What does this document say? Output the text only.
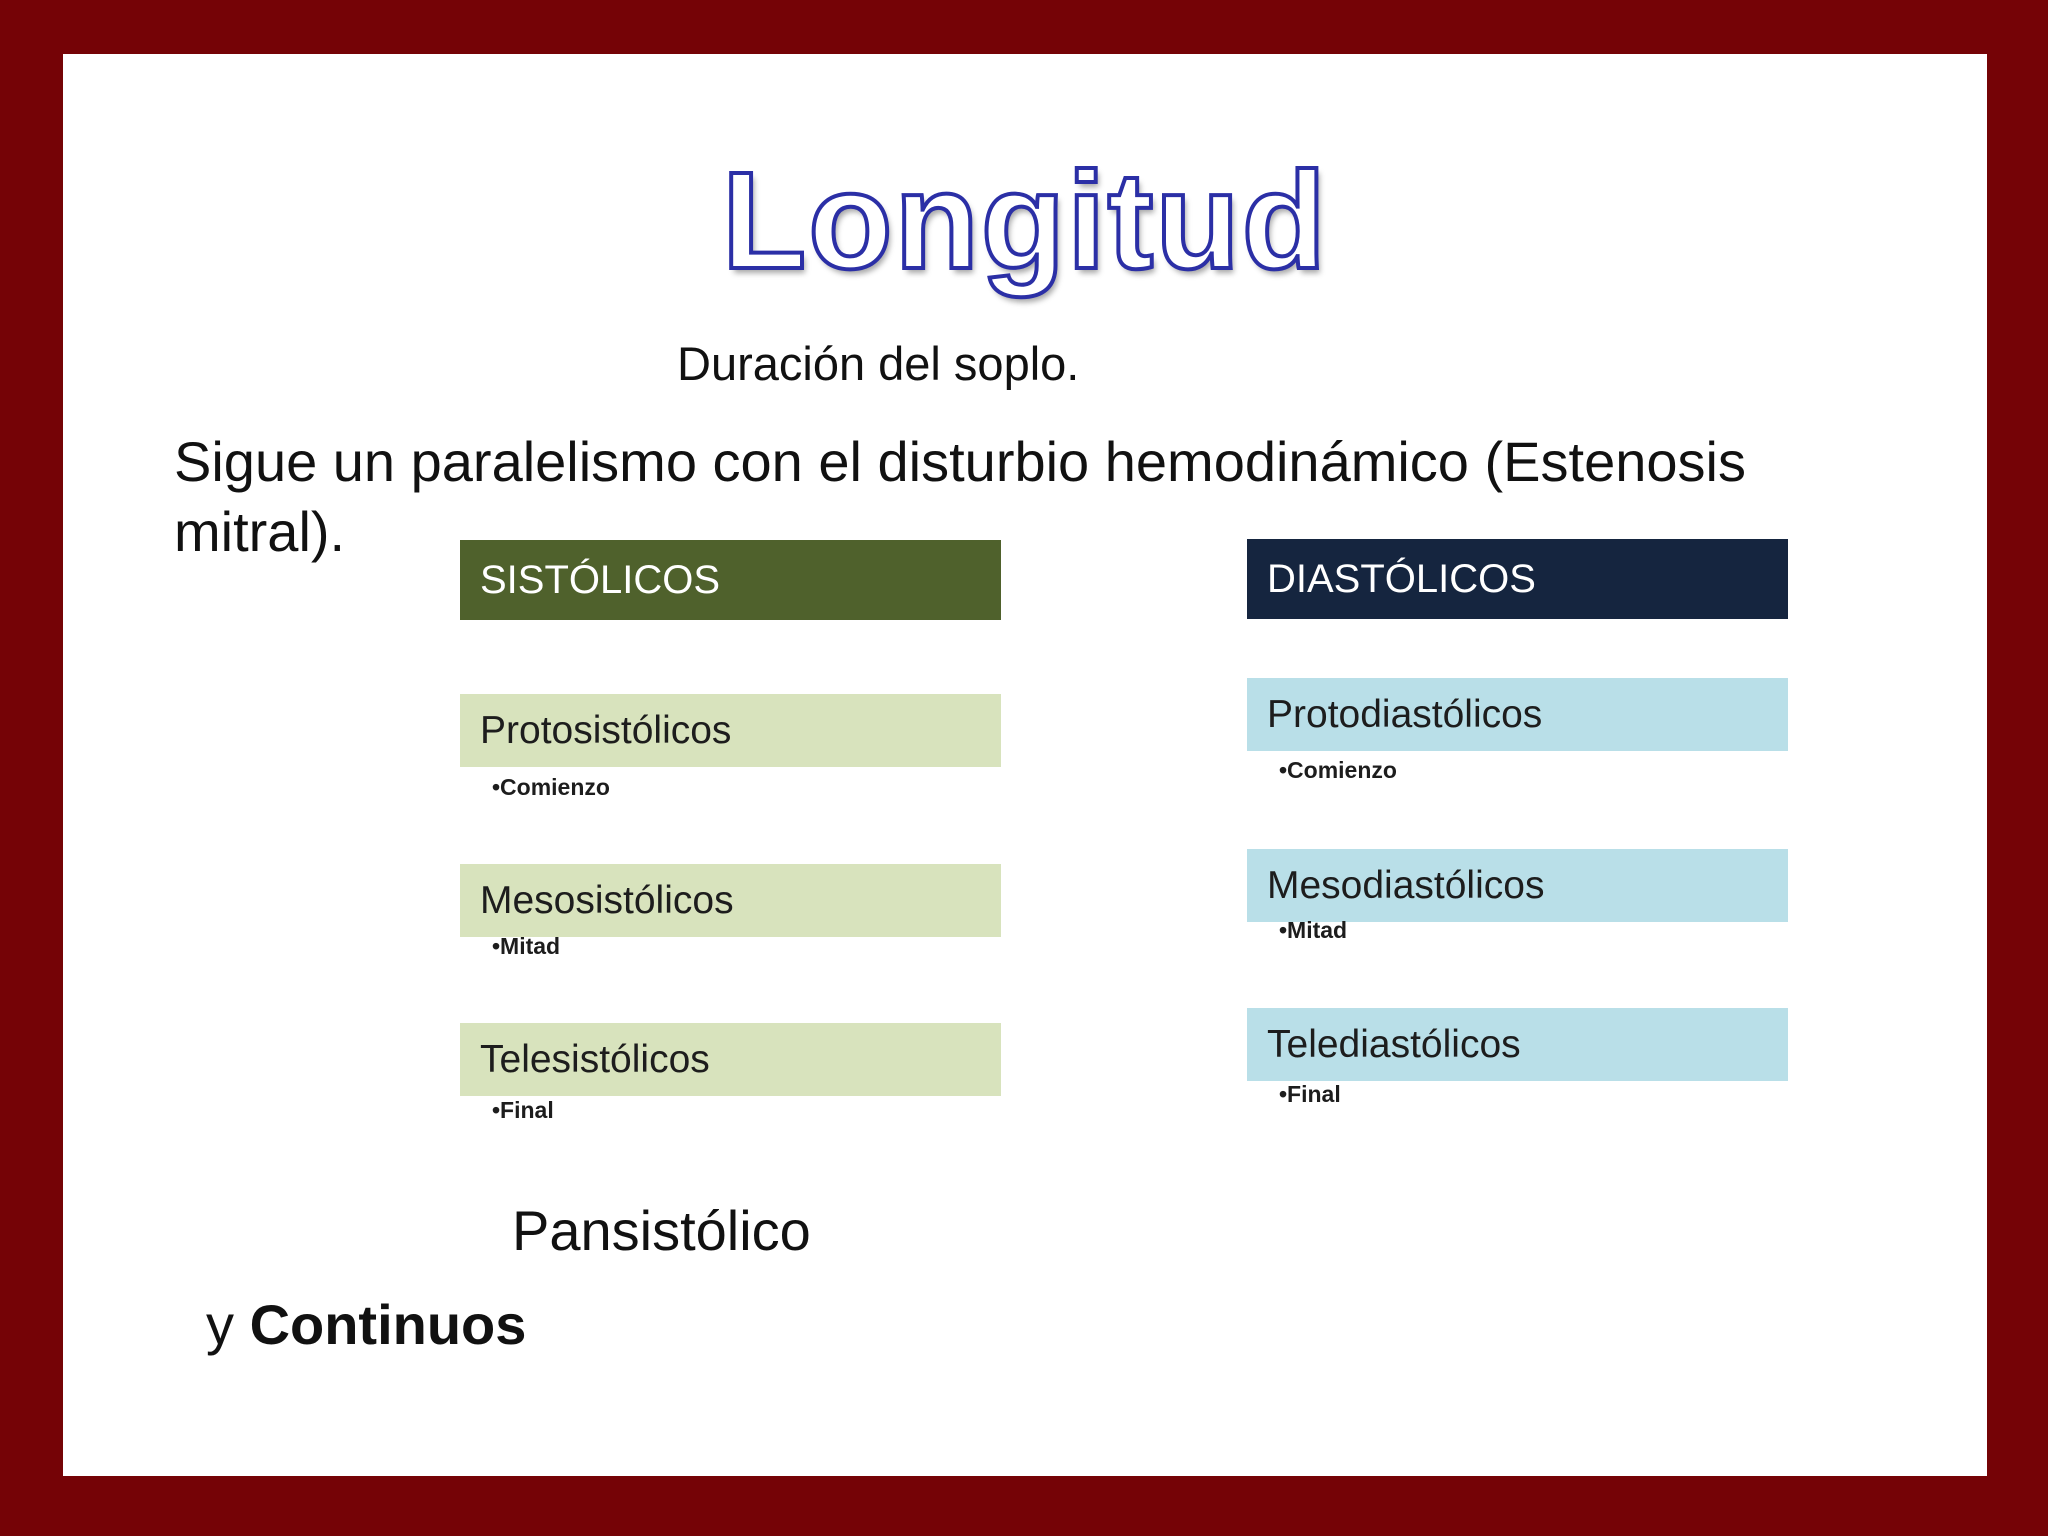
Longitud
Duración del soplo.
Sigue un paralelismo con el disturbio hemodinámico (Estenosis mitral).
SISTÓLICOS
Protosistólicos
•Comienzo
Mesosistólicos
•Mitad
Telesistólicos
•Final
DIASTÓLICOS
Protodiastólicos
•Comienzo
Mesodiastólicos
•Mitad
Telediastólicos
•Final
Pansistólico
y Continuos
